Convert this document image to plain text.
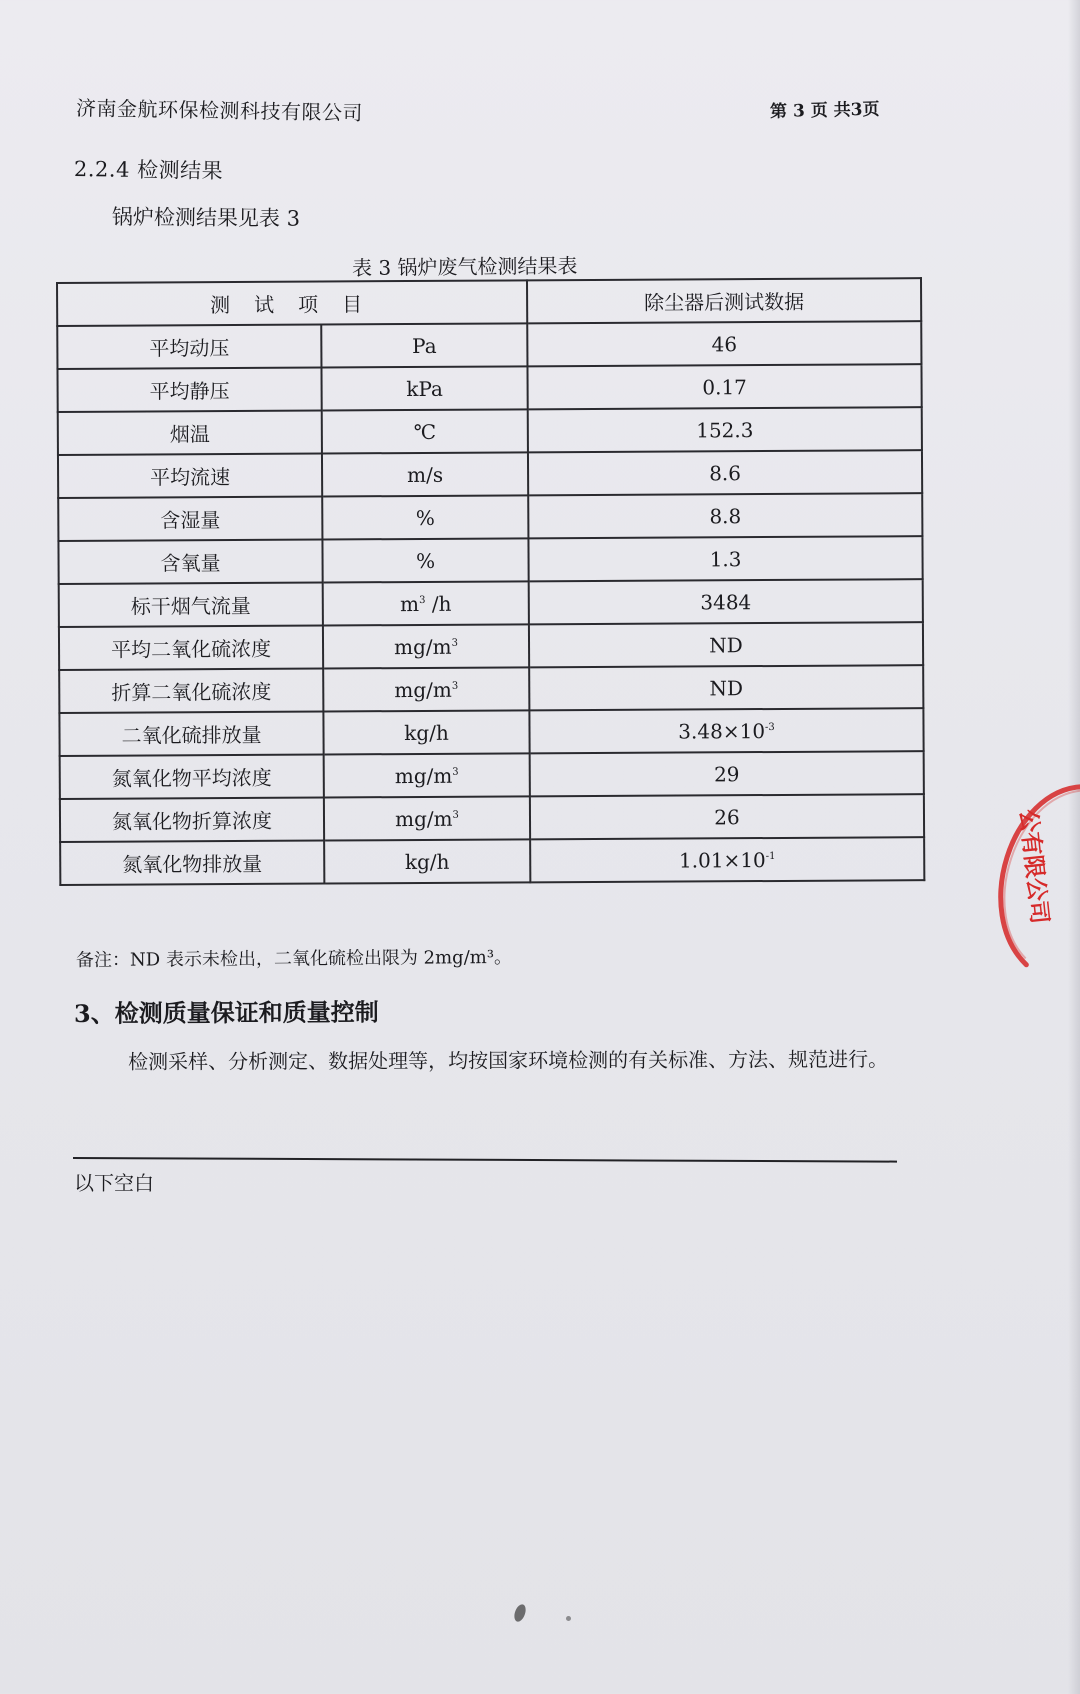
济南金航环保检测科技有限公司	第 3 页 共3页
2.2.4 检测结果
锅炉检测结果见表 3
表 3 锅炉废气检测结果表
测试项目		除尘器后测试数据
平均动压	Pa	46
平均静压	kPa	0.17
烟温	℃	152.3
平均流速	m/s	8.6
含湿量	%	8.8
含氧量	%	1.3
标干烟气流量	$m^3$ /h	3484
平均二氧化硫浓度	$mg/m^3$	ND
折算二氧化硫浓度	$mg/m^3$	ND
二氧化硫排放量	kg/h	$3.48\times 10^{-3}$
氮氧化物平均浓度	$mg/m^3$	29
氮氧化物折算浓度	$mg/m^3$	26
氮氧化物排放量	kg/h	$1.01\times 10^{-1}$
备注：ND 表示未检出，二氧化硫检出限为 2mg/m³。
3、检测质量保证和质量控制
检测采样、分析测定、数据处理等，均按国家环境检测的有关标准、方法、规范进行。
以下空白
公有限公司
